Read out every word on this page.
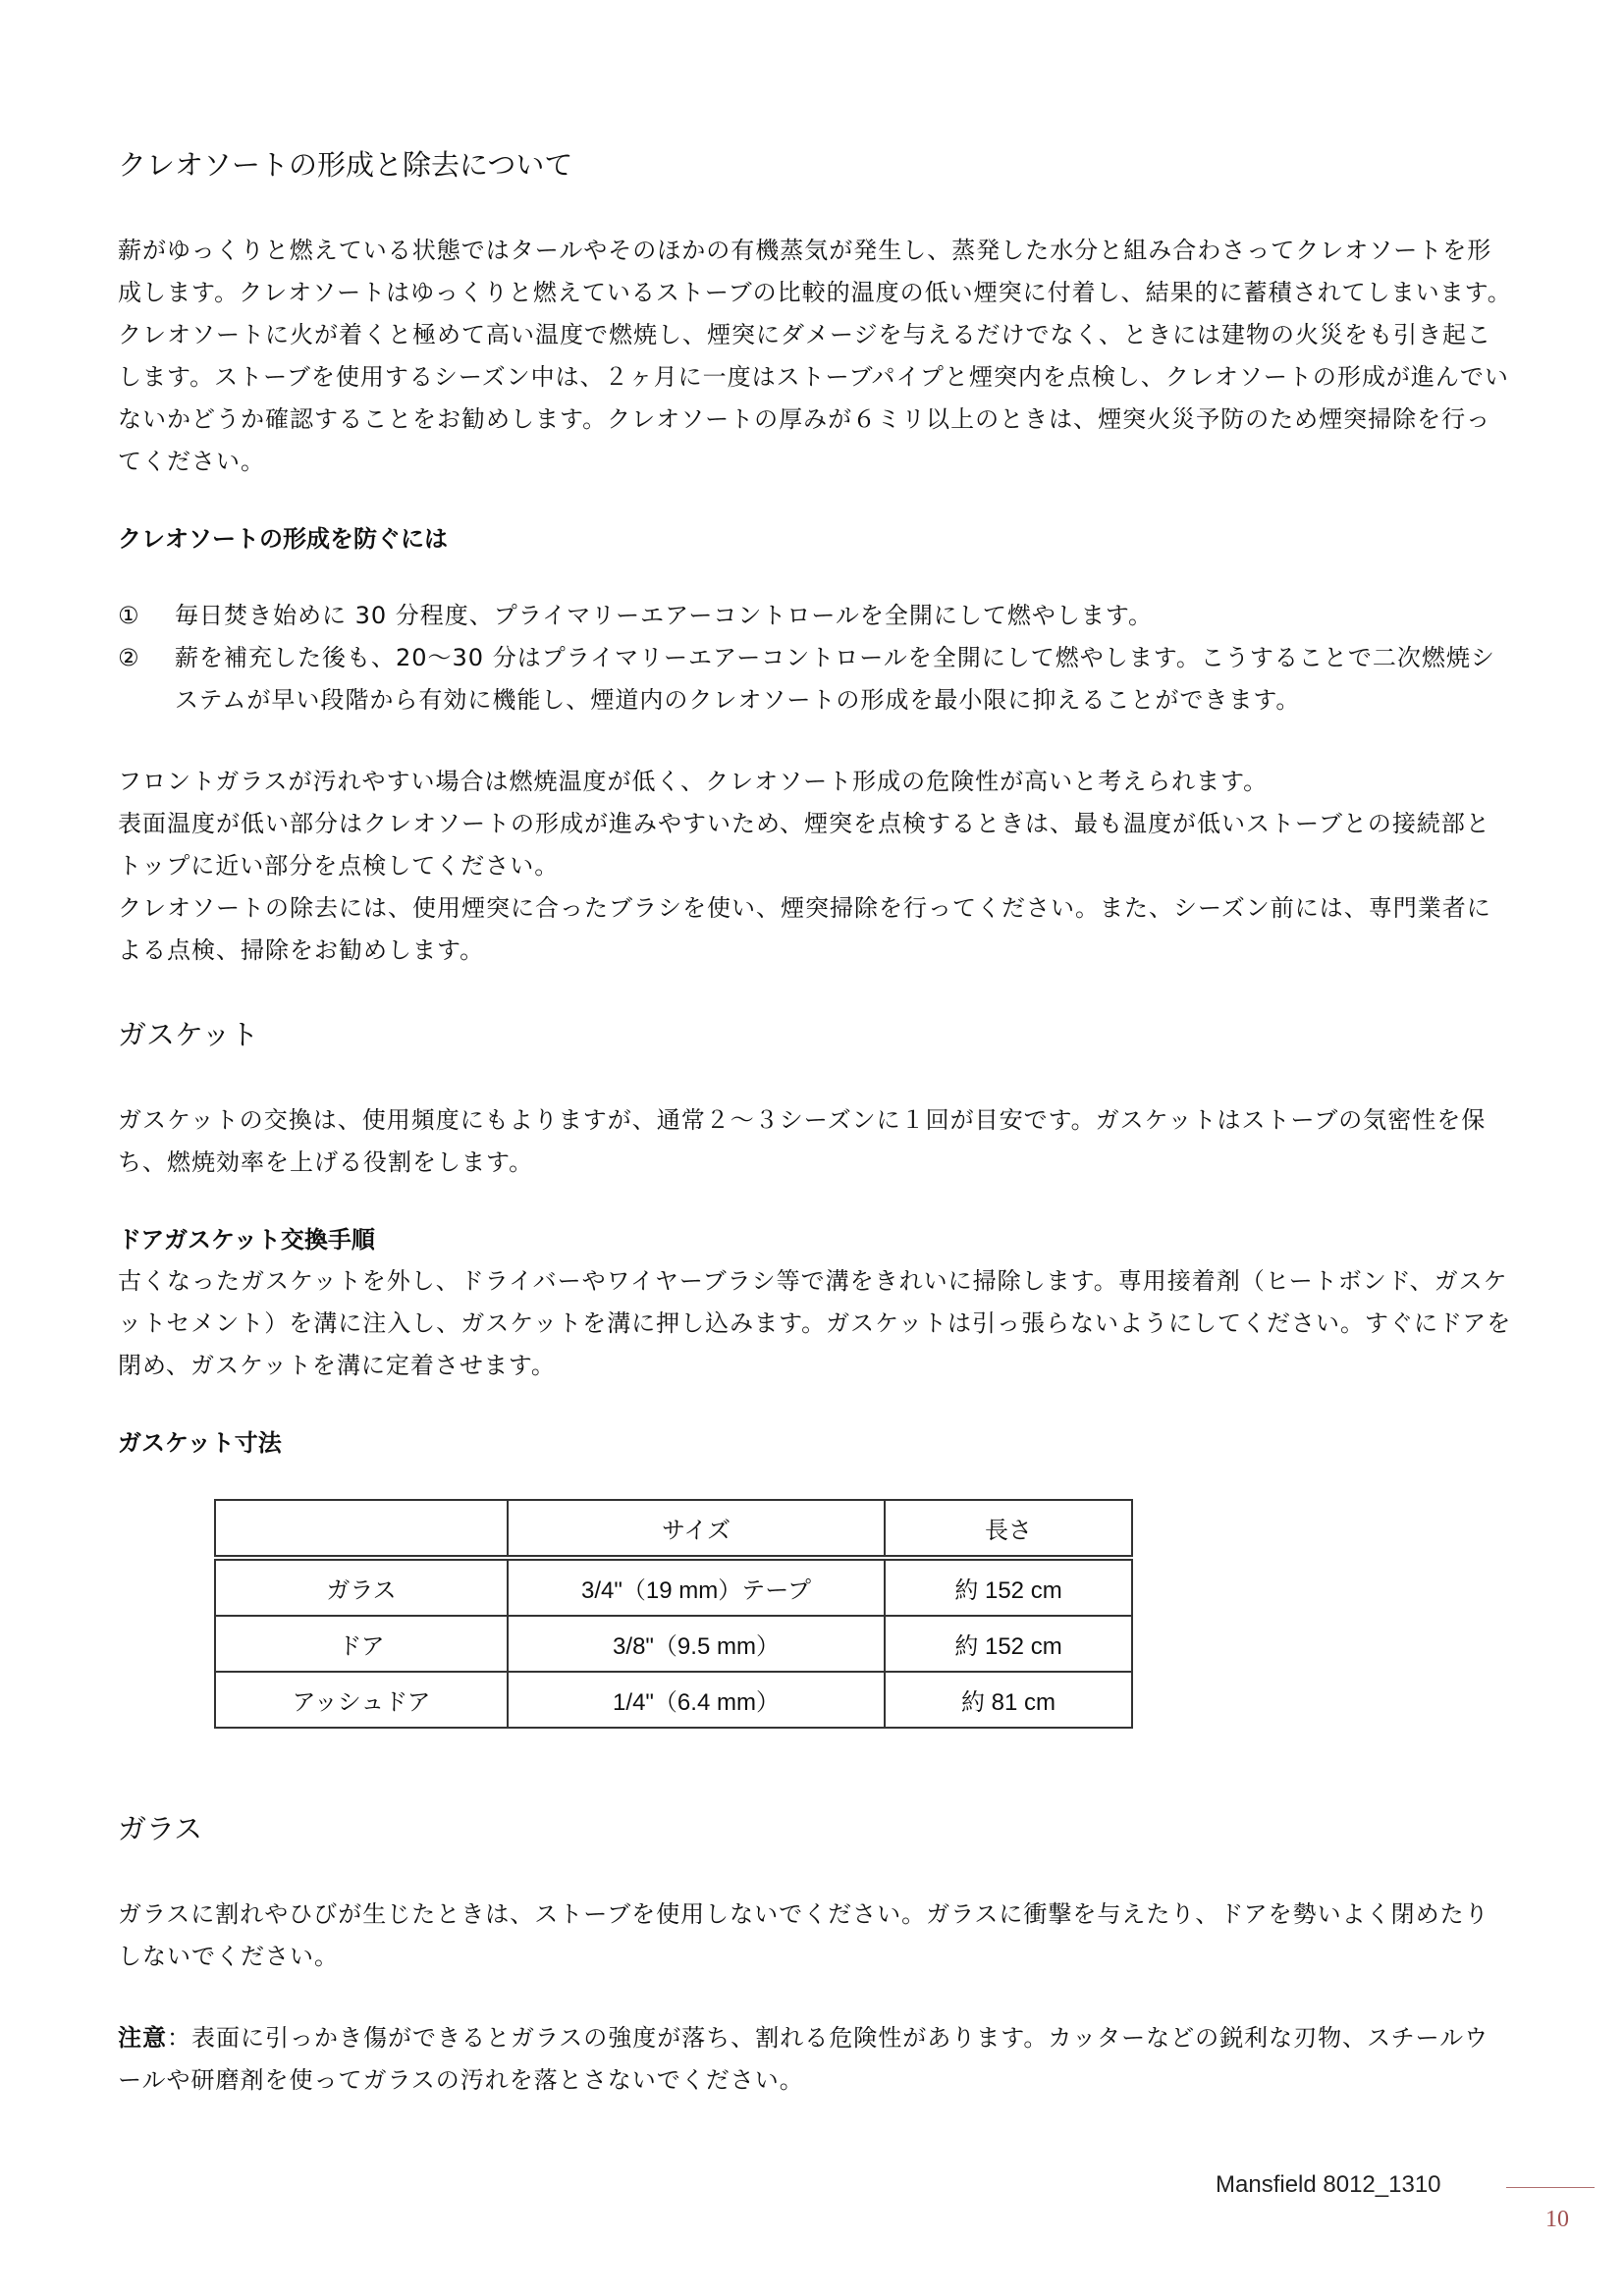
クレオソートの形成と除去について

薪がゆっくりと燃えている状態ではタールやそのほかの有機蒸気が発生し、蒸発した水分と組み合わさってクレオソートを形成します。クレオソートはゆっくりと燃えているストーブの比較的温度の低い煙突に付着し、結果的に蓄積されてしまいます。クレオソートに火が着くと極めて高い温度で燃焼し、煙突にダメージを与えるだけでなく、ときには建物の火災をも引き起こします。ストーブを使用するシーズン中は、２ヶ月に一度はストーブパイプと煙突内を点検し、クレオソートの形成が進んでいないかどうか確認することをお勧めします。クレオソートの厚みが６ミリ以上のときは、煙突火災予防のため煙突掃除を行ってください。

クレオソートの形成を防ぐには
① 毎日焚き始めに 30 分程度、プライマリーエアーコントロールを全開にして燃やします。
② 薪を補充した後も、20〜30 分はプライマリーエアーコントロールを全開にして燃やします。こうすることで二次燃焼システムが早い段階から有効に機能し、煙道内のクレオソートの形成を最小限に抑えることができます。

フロントガラスが汚れやすい場合は燃焼温度が低く、クレオソート形成の危険性が高いと考えられます。
表面温度が低い部分はクレオソートの形成が進みやすいため、煙突を点検するときは、最も温度が低いストーブとの接続部とトップに近い部分を点検してください。
クレオソートの除去には、使用煙突に合ったブラシを使い、煙突掃除を行ってください。また、シーズン前には、専門業者による点検、掃除をお勧めします。

ガスケット

ガスケットの交換は、使用頻度にもよりますが、通常２〜３シーズンに１回が目安です。ガスケットはストーブの気密性を保ち、燃焼効率を上げる役割をします。

ドアガスケット交換手順

古くなったガスケットを外し、ドライバーやワイヤーブラシ等で溝をきれいに掃除します。専用接着剤（ヒートボンド、ガスケットセメント）を溝に注入し、ガスケットを溝に押し込みます。ガスケットは引っ張らないようにしてください。すぐにドアを閉め、ガスケットを溝に定着させます。

ガスケット寸法
	サイズ	長さ
ガラス	3/4"（19 mm）テープ	約 152 cm
ドア	3/8"（9.5 mm）	約 152 cm
アッシュドア	1/4"（6.4 mm）	約 81 cm
ガラス

ガラスに割れやひびが生じたときは、ストーブを使用しないでください。ガラスに衝撃を与えたり、ドアを勢いよく閉めたりしないでください。

注意：表面に引っかき傷ができるとガラスの強度が落ち、割れる危険性があります。カッターなどの鋭利な刃物、スチールウールや研磨剤を使ってガラスの汚れを落とさないでください。

Mansfield 8012_1310
10
